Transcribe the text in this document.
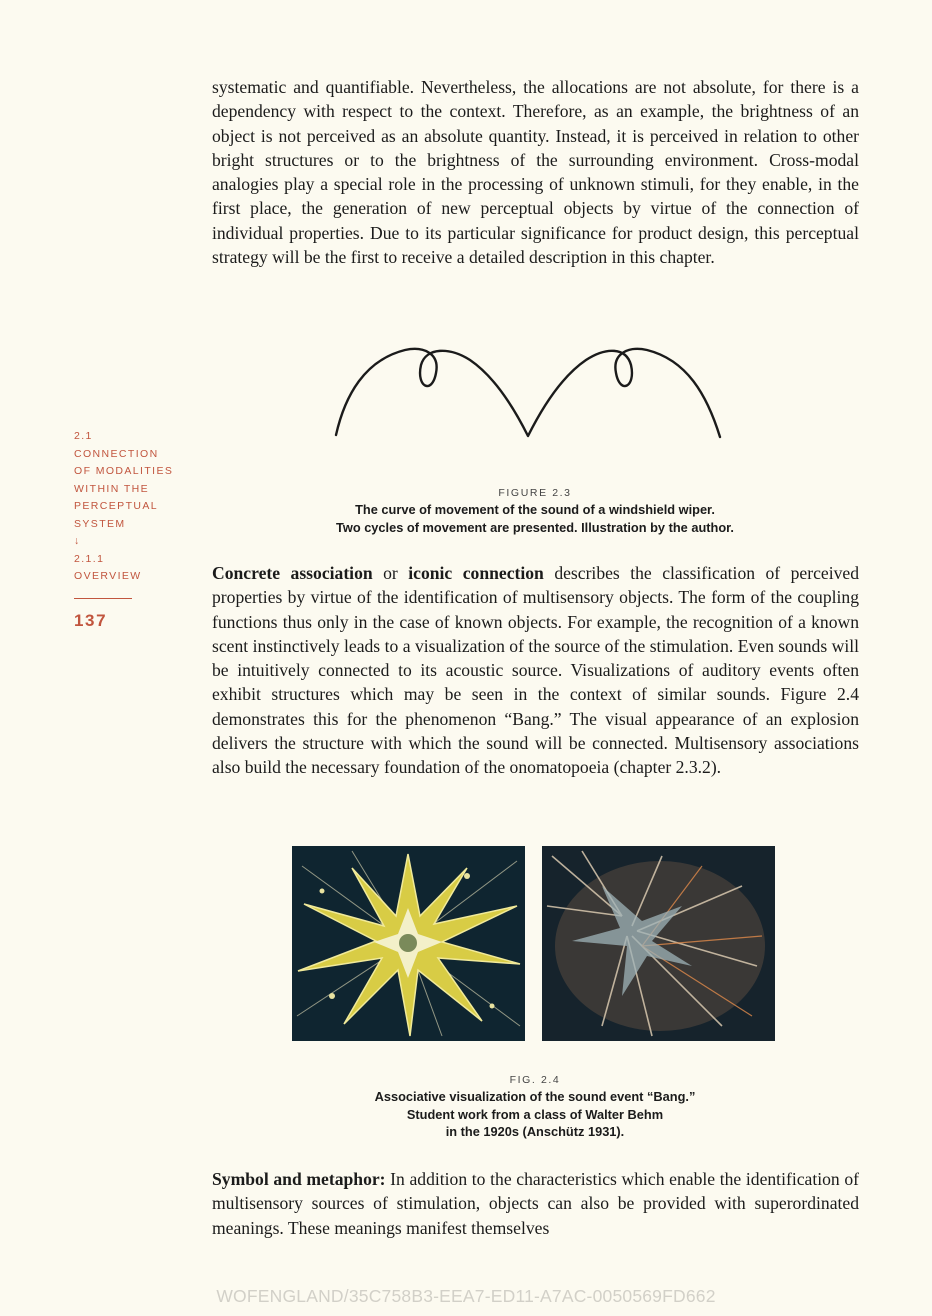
systematic and quantifiable. Nevertheless, the allocations are not absolute, for there is a dependency with respect to the context. Therefore, as an example, the brightness of an object is not perceived as an absolute quantity. Instead, it is perceived in relation to other bright structures or to the brightness of the surrounding environment. Cross-modal analogies play a special role in the processing of unknown stimuli, for they enable, in the first place, the generation of new perceptual objects by virtue of the connection of individual properties. Due to its particular significance for product design, this perceptual strategy will be the first to receive a detailed description in this chapter.

FIGURE 2.3
The curve of movement of the sound of a windshield wiper.
Two cycles of movement are presented. Illustration by the author.
2.1
CONNECTION
OF MODALITIES
WITHIN THE
PERCEPTUAL
SYSTEM
↓
2.1.1
OVERVIEW
137

Concrete association or iconic connection describes the classification of perceived properties by virtue of the identification of multisensory objects. The form of the coupling functions thus only in the case of known objects. For example, the recognition of a known scent instinctively leads to a visualization of the source of the stimulation. Even sounds will be intuitively connected to its acoustic source. Visualizations of auditory events often exhibit structures which may be seen in the context of similar sounds. Figure 2.4 demonstrates this for the phenomenon “Bang.” The visual appearance of an explosion delivers the structure with which the sound will be connected. Multisensory associations also build the necessary foundation of the onomatopoeia (chapter 2.3.2).

FIG. 2.4
Associative visualization of the sound event “Bang.”
Student work from a class of Walter Behm
in the 1920s (Anschütz 1931).

Symbol and metaphor: In addition to the characteristics which enable the identification of multisensory sources of stimulation, objects can also be provided with superordinated meanings. These meanings manifest themselves

WOFENGLAND/35C758B3-EEA7-ED11-A7AC-0050569FD662
